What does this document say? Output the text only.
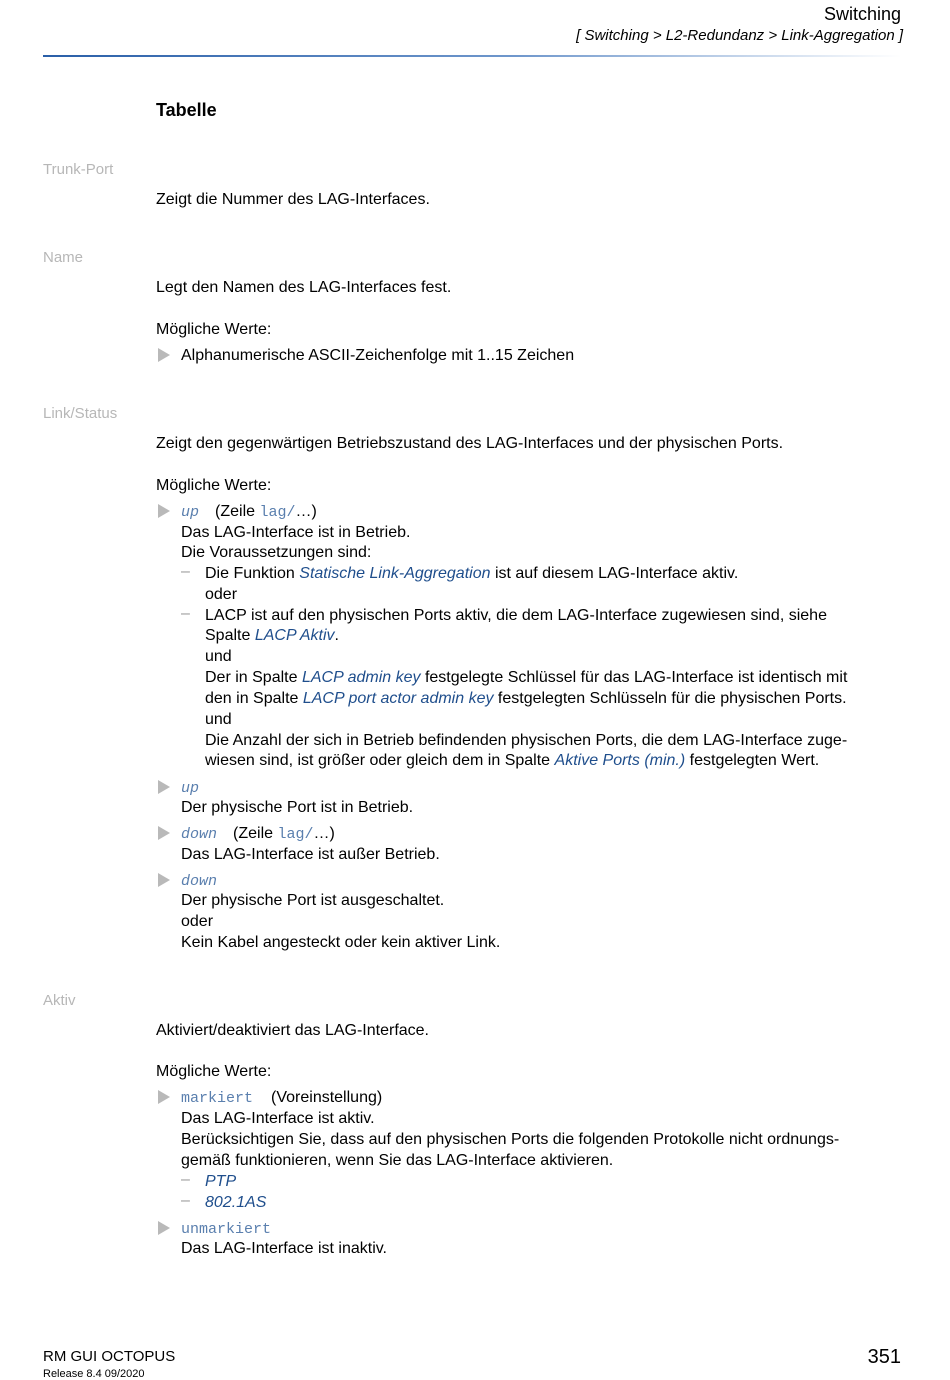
Switching
[ Switching > L2-Redundanz > Link-Aggregation ]
Tabelle
Trunk-Port
Zeigt die Nummer des LAG-Interfaces.
Name
Legt den Namen des LAG-Interfaces fest.
Mögliche Werte:
Alphanumerische ASCII-Zeichenfolge mit 1..15 Zeichen
Link/Status
Zeigt den gegenwärtigen Betriebszustand des LAG-Interfaces und der physischen Ports.
Mögliche Werte:
up (Zeile lag/…)
Das LAG-Interface ist in Betrieb.
Die Voraussetzungen sind:
– Die Funktion Statische Link-Aggregation ist auf diesem LAG-Interface aktiv.
oder
– LACP ist auf den physischen Ports aktiv, die dem LAG-Interface zugewiesen sind, siehe
Spalte LACP Aktiv.
und
Der in Spalte LACP admin key festgelegte Schlüssel für das LAG-Interface ist identisch mit
den in Spalte LACP port actor admin key festgelegten Schlüsseln für die physischen Ports.
und
Die Anzahl der sich in Betrieb befindenden physischen Ports, die dem LAG-Interface zuge-
wiesen sind, ist größer oder gleich dem in Spalte Aktive Ports (min.) festgelegten Wert.
up
Der physische Port ist in Betrieb.
down (Zeile lag/…)
Das LAG-Interface ist außer Betrieb.
down
Der physische Port ist ausgeschaltet.
oder
Kein Kabel angesteckt oder kein aktiver Link.
Aktiv
Aktiviert/deaktiviert das LAG-Interface.
Mögliche Werte:
markiert (Voreinstellung)
Das LAG-Interface ist aktiv.
Berücksichtigen Sie, dass auf den physischen Ports die folgenden Protokolle nicht ordnungs-
gemäß funktionieren, wenn Sie das LAG-Interface aktivieren.
– PTP
– 802.1AS
unmarkiert
Das LAG-Interface ist inaktiv.
RM GUI OCTOPUS
Release 8.4 09/2020
351
